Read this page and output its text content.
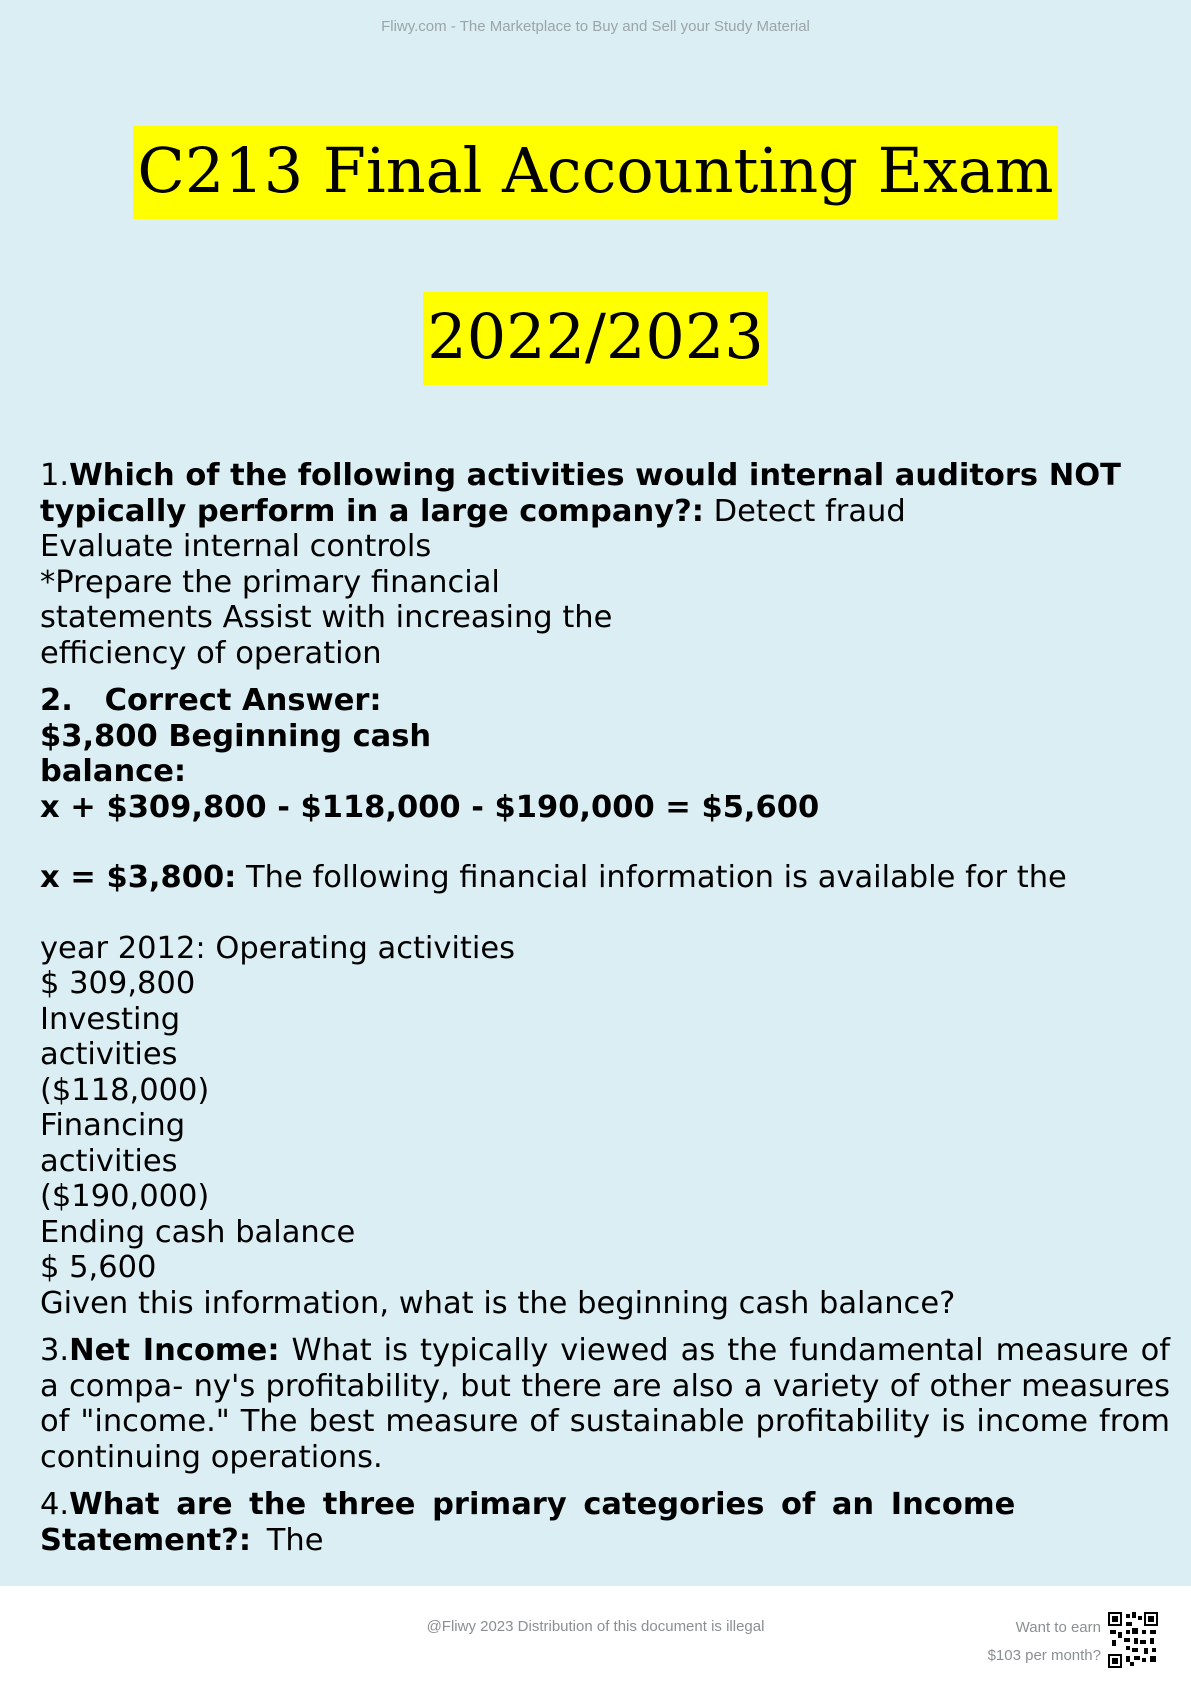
Fliwy.com - The Marketplace to Buy and Sell your Study Material
C213 Final Accounting Exam
2022/2023

1.Which of the following activities would internal auditors NOT typically perform in a large company?: Detect fraud

Evaluate internal controls

*Prepare the primary financial

statements Assist with increasing the

efficiency of operation

2. Correct Answer:

$3,800 Beginning cash

balance:

x + $309,800 - $118,000 - $190,000 = $5,600

x = $3,800: The following financial information is available for the

year 2012: Operating activities

$ 309,800

Investing

activities

($118,000)

Financing

activities

($190,000)

Ending cash balance

$ 5,600

Given this information, what is the beginning cash balance?

3.Net Income: What is typically viewed as the fundamental measure of a compa- ny's profitability, but there are also a variety of other measures of "income." The best measure of sustainable profitability is income from continuing operations.

4.What are the three primary categories of an Income Statement?: The

@Fliwy 2023 Distribution of this document is illegal	Want to earn
$103 per month?
